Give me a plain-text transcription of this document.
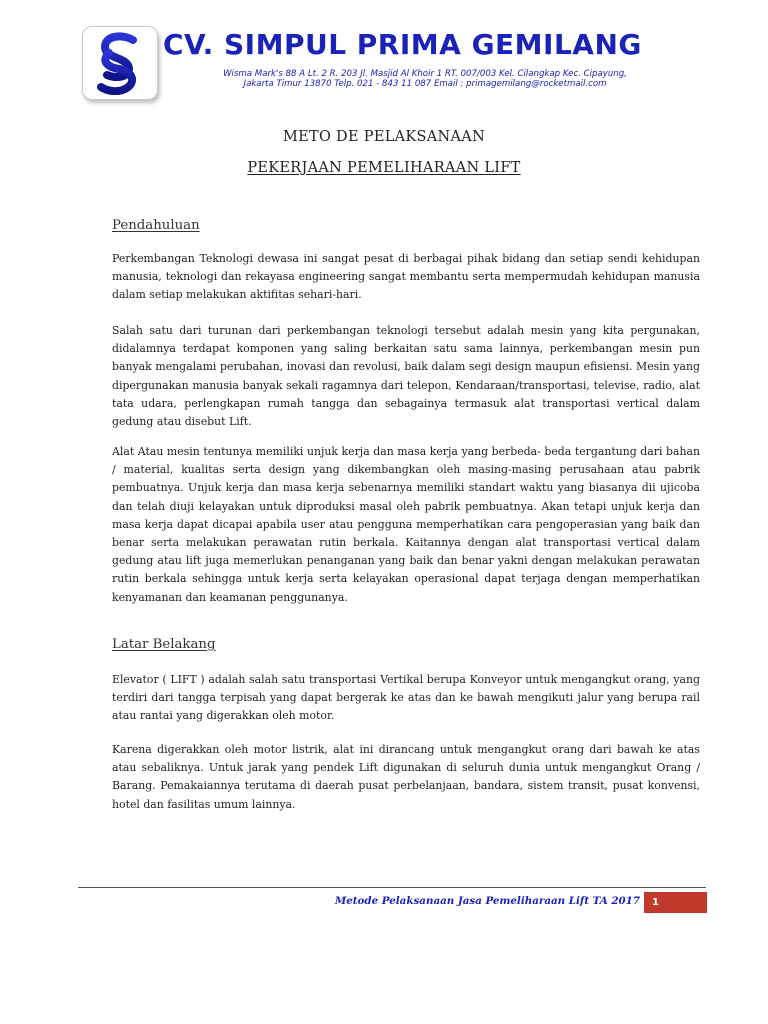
CV. SIMPUL PRIMA GEMILANG
Wisma Mark's 88 A Lt. 2 R. 203 Jl. Masjid Al Khoir 1 RT. 007/003 Kel. Cilangkap Kec. Cipayung,
Jakarta Timur 13870 Telp. 021 - 843 11 087 Email : primagemilang@rocketmail.com
METO DE PELAKSANAAN
PEKERJAAN PEMELIHARAAN LIFT
Pendahuluan

Perkembangan Teknologi dewasa ini sangat pesat di berbagai pihak bidang dan setiap sendi kehidupan manusia, teknologi dan rekayasa engineering sangat membantu serta mempermudah kehidupan manusia dalam setiap melakukan aktifitas sehari-hari.

Salah satu dari turunan dari perkembangan teknologi tersebut adalah mesin yang kita pergunakan, didalamnya terdapat komponen yang saling berkaitan satu sama lainnya, perkembangan mesin pun banyak mengalami perubahan, inovasi dan revolusi, baik dalam segi design maupun efisiensi. Mesin yang dipergunakan manusia banyak sekali ragamnya dari telepon, Kendaraan/transportasi, televise, radio, alat tata udara, perlengkapan rumah tangga dan sebagainya termasuk alat transportasi vertical dalam gedung atau disebut Lift.

Alat Atau mesin tentunya memiliki unjuk kerja dan masa kerja yang berbeda- beda tergantung dari bahan / material, kualitas serta design yang dikembangkan oleh masing-masing perusahaan atau pabrik pembuatnya. Unjuk kerja dan masa kerja sebenarnya memiliki standart waktu yang biasanya dii ujicoba dan telah diuji kelayakan untuk diproduksi masal oleh pabrik pembuatnya. Akan tetapi unjuk kerja dan masa kerja dapat dicapai apabila user atau pengguna memperhatikan cara pengoperasian yang baik dan benar serta melakukan perawatan rutin berkala. Kaitannya dengan alat transportasi vertical dalam gedung atau lift juga memerlukan penanganan yang baik dan benar yakni dengan melakukan perawatan rutin berkala sehingga untuk kerja serta kelayakan operasional dapat terjaga dengan memperhatikan kenyamanan dan keamanan penggunanya.

Latar Belakang

Elevator ( LIFT ) adalah salah satu transportasi Vertikal berupa Konveyor untuk mengangkut orang, yang terdiri dari tangga terpisah yang dapat bergerak ke atas dan ke bawah mengikuti jalur yang berupa rail atau rantai yang digerakkan oleh motor.

Karena digerakkan oleh motor listrik, alat ini dirancang untuk mengangkut orang dari bawah ke atas atau sebaliknya. Untuk jarak yang pendek Lift digunakan di seluruh dunia untuk mengangkut Orang / Barang. Pemakaiannya terutama di daerah pusat perbelanjaan, bandara, sistem transit, pusat konvensi, hotel dan fasilitas umum lainnya.

Metode Pelaksanaan Jasa Pemeliharaan Lift TA 2017	1
